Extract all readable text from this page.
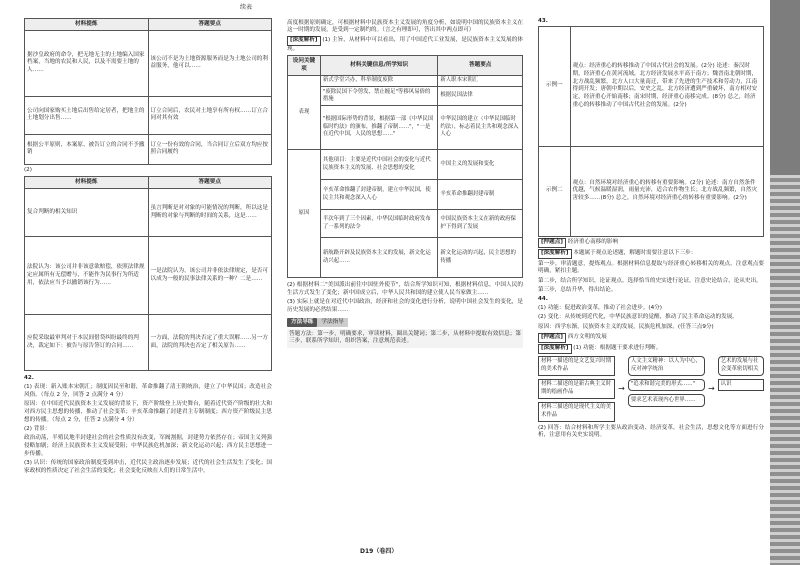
续表
材料提炼	答题要点
据沙皇政府的命令，把无地无主的土地编入国家档案，当地的农民和人民，以及不需要土地的人……	该公司不是为土地资源服务而是为土地公司的利益服务，他可以……
公司向国家购买土地后出售给定居者，把地主的土地划分出售……	订立合同后，农民对土地享有所有权……订立合同对其有效
根据公平原则，本案原、被告订立的合同不予撤销	订立一份有效的合同，当合同订立后双方均应按照合同履约
(2)
材料提炼	答题要点
复合判断的相关知识	虽言判断是对对象的可能情况的判断，所以这是判断的对象与判断的时间的关系，这是……
法院认为：该公司并非该意欲赔偿，依照法律规定应属所有无偿赠与，不能作为民事行为所适用，依法应当予以撤销该行为……	一是法院认为，该公司并非依法律规定，是否可以成为一般的民事法律关系的一种？二是……
应院采取最审判对于本民间借贷纠纷最终的判决，裁定如下：被告与原告签订的合同……	一方面，法院的判决否定了重大误解……另一方面，法院的判决也否定了相关原告……
42.
(1) 表现：新入账本宋朝汇；制度因民至和谐，革命推翻了清王朝统治，建立了中华民国；改造社会风俗。（每点 2 分，回答 2 点满分 4 分）
原因：在中国近代民族资本主义发展的背景下，资产阶级登上历史舞台，随着近代资产阶级的壮大和对西方民主思想的传播，推动了社会变革；辛亥革命推翻了封建君主专制制度；西方资产阶级民主思想的传播。（每点 2 分，任答 2 点满分 4 分）
(2) 背景：
政治动荡，半殖民地半封建社会的社会性质没有改变，军阀割据，封建势力依然存在；帝国主义列强侵略加剧；经济上民族资本主义发展受阻；中华民族危机加深；新文化运动兴起；西方民主思想进一步传播。
(3) 认识：传统的国家政治制度受到冲击，近代民主政治逐步发展；近代的社会生活发生了变化；国家政权的性质决定了社会生活的变化；社会变化反映在人们的日常生活中。
高度根据原则确定，可根据材料中民族资本主义发展的角度分析，如说明中国的民族资本主义在这一时期的发展，是受到一定制约的。（言之有理即可，答出其中两点即可）
[深度解析] (1) 主旨，从材料中可以看出，用了中国近代工业发展，是民族资本主义发展的体现。
设问关键项	材料关键信息/所学知识	答题要点
表现	新式学堂兴办，科举制度废除	新人职本宋朝汇
	"废除民国下令剪发、禁止缠足"等移风易俗的措施	根据民国法律
	"根据国际形势的背景，根据第一部《中华民国临时约法》的颁布，推翻了帝制……"，"一是在近代中国，人民的思想……"	中华民国的建立（中华民国临时约法），标志着民主共和观念深入人心
原因	其他项目：主要是近代中国社会的变化与近代民族资本主义的发展、社会思想的变化	中国主义的发展和变化
	辛亥革命推翻了封建帝制，建立中华民国，使民主共和观念深入人心	辛亥革命推翻封建帝制
	半次年到了三个因素，中华民国临时政府发布了一系列的法令	中国民族资本主义在新的政府保护下得到了发展
	新航路开辟及民族资本主义的发展，新文化运动兴起……	新文化运动的兴起，民主思想的传播
(2) 根据材料二"美国派出前往中国驻外使节"，结合所学知识可知，根据材料信息，中国人民的生活方式发生了变化；新中国成立后，中华人民共和国的建立使人民当家做主……
(3) 实际上就是在对近代中国政治，经济和社会的变化进行分析，说明中国社会发生的变化，是历史发展的必然结果……
方法导练	学法指导
答题方法：第一步，明确要求，审读材料，圈出关键词；第二步，从材料中提取有效信息；第三步，联系所学知识，组织答案，注意规范表述。
43.
示例一	观点：经济重心的转移推动了中国古代社会的发展。(2分) 论述：秦汉时期，经济重心在黄河流域，北方经济发展水平高于南方；魏晋南北朝时期，北方战乱频繁，北方人口大量南迁，带来了先进的生产技术和劳动力，江南得到开发；唐朝中期以后，安史之乱，北方经济遭到严重破坏，南方相对安定，经济重心开始南移；南宋时期，经济重心南移完成。(8分) 总之，经济重心的转移推动了中国古代社会的发展。(2分)
示例二	观点：自然环境对经济重心的转移有重要影响。(2分) 论述：南方自然条件优越，气候温暖湿润，雨量充沛，适合农作物生长；北方战乱频繁，自然灾害较多……(8分) 总之，自然环境对经济重心的转移有重要影响。(2分)
[押题点] 经济重心南移的影响
[深度解析] 本题属于观点论述题，解题时需要注意以下三步：
第一步，审清题意，提炼观点。根据材料信息提取与经济重心转移相关的观点，注意观点要明确，紧扣主题。
第二步，结合所学知识，论证观点。选择恰当的史实进行论证，注意史论结合，论从史出。
第三步，总结升华，得出结论。
44.
(1) 功能：促进政治变革，推动了社会进步。(4分)
(2) 变化：从传统到近代化，中华民族意识的觉醒，推动了民主革命运动的发展。
原因：西学东渐，民族资本主义的发展，民族危机加深。(任答三点9分)
[押题点] 西方文明的发展
[深度解析] (1) 功能：根据题干要求进行判断。
材料一描述的是文艺复兴时期的美术作品
材料二描述的是新古典主义时期的绘画作品
材料三描述的是现代主义的美术作品
→
人文主义精神：以人为中心，反对神学统治
"追求和谐完美的形式……"
要求艺术表现内心世界……
→
艺术的发展与社会变革密切相关
认识
(2) 回答：结合材料和所学主要从政治变动、经济变革，社会生活，思想文化等方面进行分析，注意用有关史实说明。
D19（卷四）
